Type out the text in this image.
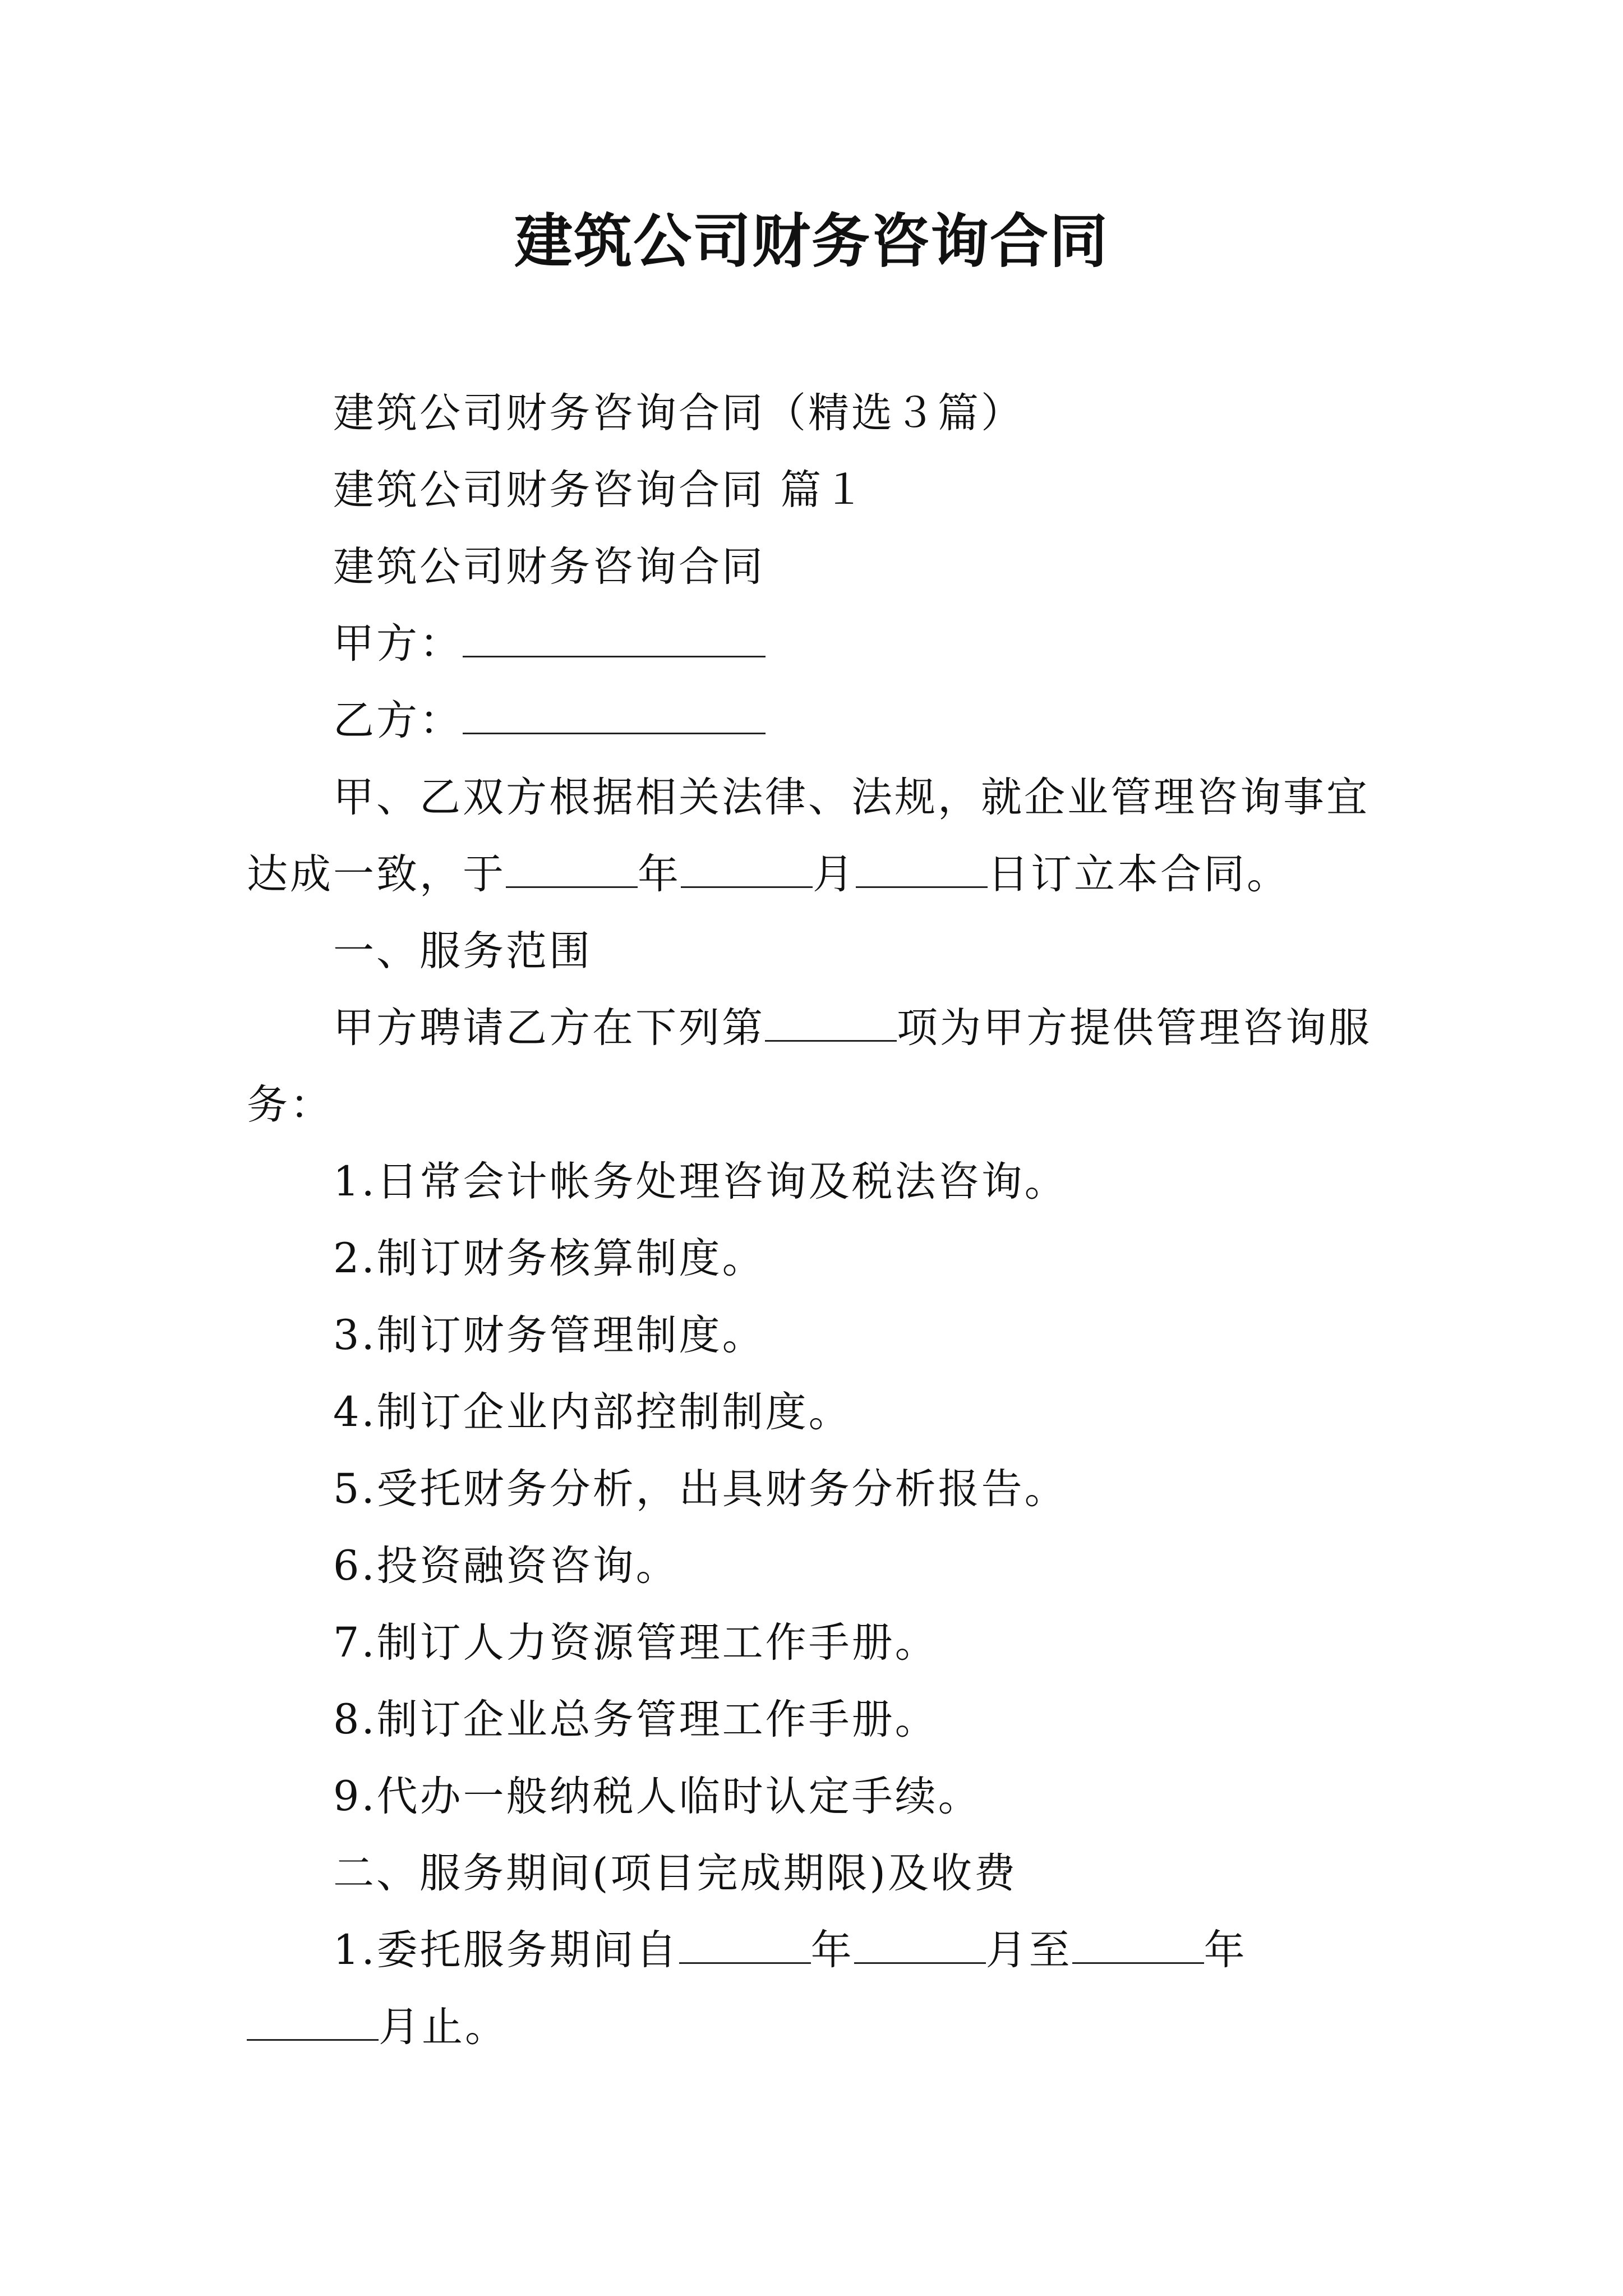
建筑公司财务咨询合同

建筑公司财务咨询合同（精选３篇）

建筑公司财务咨询合同 篇１

建筑公司财务咨询合同

甲方：

乙方：

甲、乙双方根据相关法律、法规，就企业管理咨询事宜达成一致，于	年	月	日订立本合同。

一、服务范围

甲方聘请乙方在下列第	项为甲方提供管理咨询服务：

1.日常会计帐务处理咨询及税法咨询。

2.制订财务核算制度。

3.制订财务管理制度。

4.制订企业内部控制制度。

5.受托财务分析，出具财务分析报告。

6.投资融资咨询。

7.制订人力资源管理工作手册。

8.制订企业总务管理工作手册。

9.代办一般纳税人临时认定手续。

二、服务期间(项目完成期限)及收费

1.委托服务期间自	年	月至	年月止。
